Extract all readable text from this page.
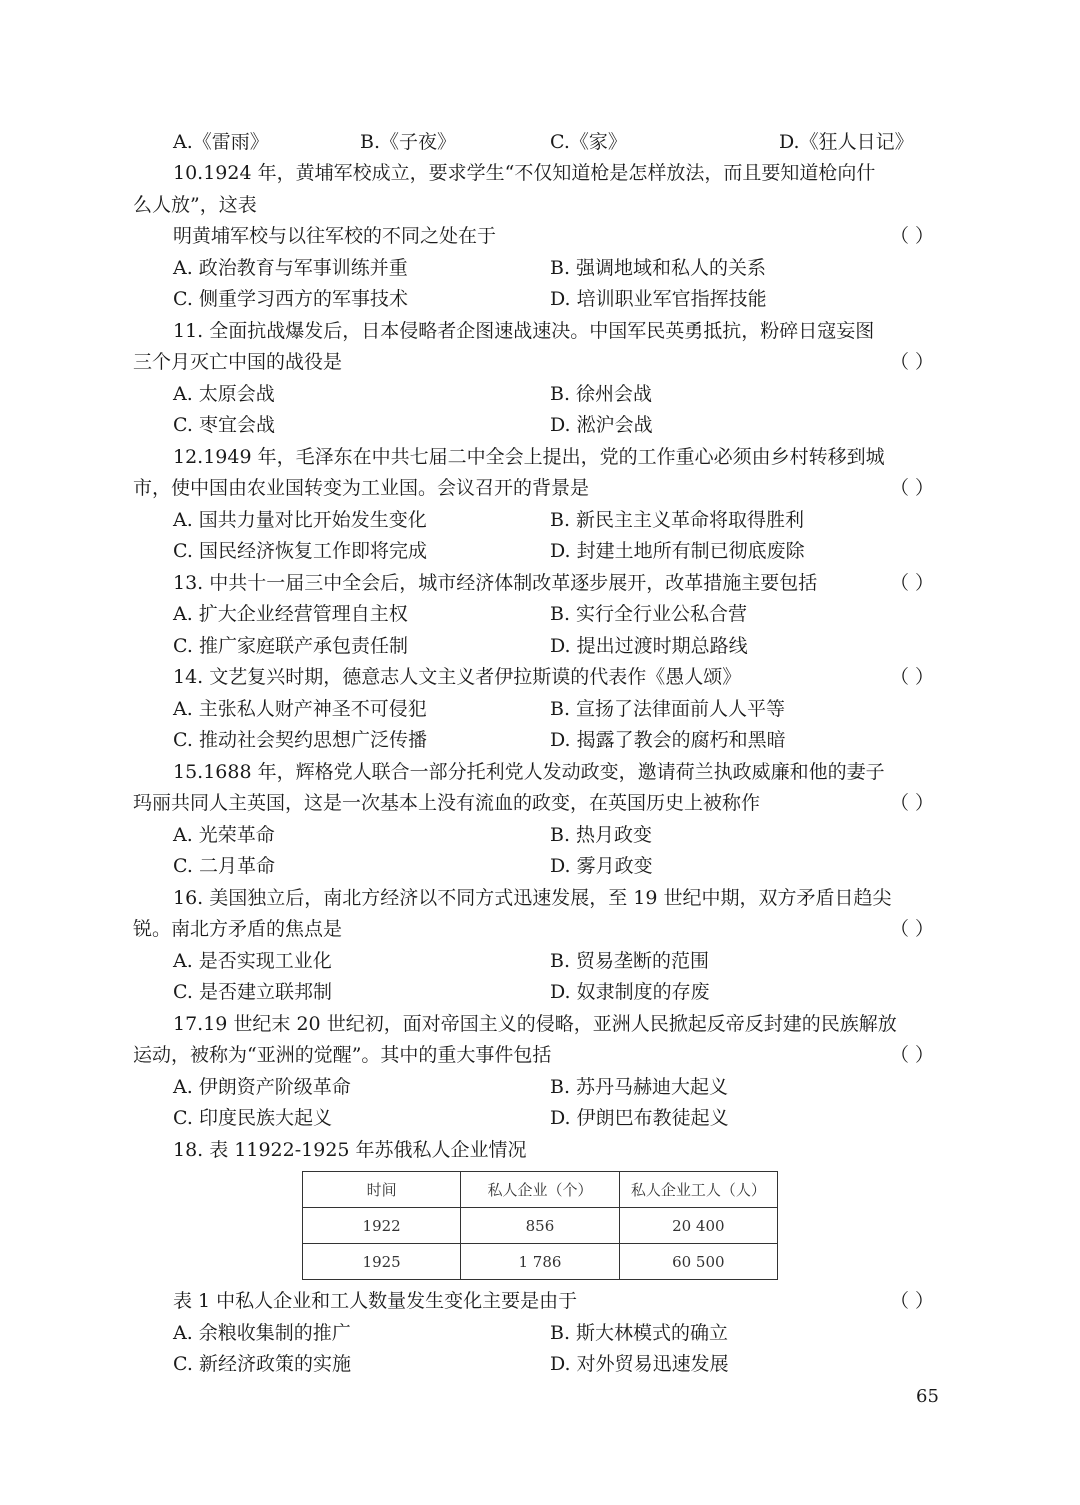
A.《雷雨》	B.《子夜》	C.《家》	D.《狂人日记》
10.1924 年，黄埔军校成立，要求学生“不仅知道枪是怎样放法，而且要知道枪向什
么人放”，这表
明黄埔军校与以往军校的不同之处在于	（ ）
A. 政治教育与军事训练并重	B. 强调地域和私人的关系
C. 侧重学习西方的军事技术	D. 培训职业军官指挥技能
11. 全面抗战爆发后，日本侵略者企图速战速决。中国军民英勇抵抗，粉碎日寇妄图
三个月灭亡中国的战役是	（ ）
A. 太原会战	B. 徐州会战
C. 枣宜会战	D. 淞沪会战
12.1949 年，毛泽东在中共七届二中全会上提出，党的工作重心必须由乡村转移到城
市，使中国由农业国转变为工业国。会议召开的背景是	（ ）
A. 国共力量对比开始发生变化	B. 新民主主义革命将取得胜利
C. 国民经济恢复工作即将完成	D. 封建土地所有制已彻底废除
13. 中共十一届三中全会后，城市经济体制改革逐步展开，改革措施主要包括	（ ）
A. 扩大企业经营管理自主权	B. 实行全行业公私合营
C. 推广家庭联产承包责任制	D. 提出过渡时期总路线
14. 文艺复兴时期，德意志人文主义者伊拉斯谟的代表作《愚人颂》	（ ）
A. 主张私人财产神圣不可侵犯	B. 宣扬了法律面前人人平等
C. 推动社会契约思想广泛传播	D. 揭露了教会的腐朽和黑暗
15.1688 年，辉格党人联合一部分托利党人发动政变，邀请荷兰执政威廉和他的妻子
玛丽共同人主英国，这是一次基本上没有流血的政变，在英国历史上被称作	（ ）
A. 光荣革命	B. 热月政变
C. 二月革命	D. 雾月政变
16. 美国独立后，南北方经济以不同方式迅速发展，至 19 世纪中期，双方矛盾日趋尖
锐。南北方矛盾的焦点是	（ ）
A. 是否实现工业化	B. 贸易垄断的范围
C. 是否建立联邦制	D. 奴隶制度的存废
17.19 世纪末 20 世纪初，面对帝国主义的侵略，亚洲人民掀起反帝反封建的民族解放
运动，被称为“亚洲的觉醒”。其中的重大事件包括	（ ）
A. 伊朗资产阶级革命	B. 苏丹马赫迪大起义
C. 印度民族大起义	D. 伊朗巴布教徒起义
18. 表 11922-1925 年苏俄私人企业情况
时间	私人企业（个）	私人企业工人（人）
1922	856	20 400
1925	1 786	60 500
表 1 中私人企业和工人数量发生变化主要是由于	（ ）
A. 余粮收集制的推广	B. 斯大林模式的确立
C. 新经济政策的实施	D. 对外贸易迅速发展
65
